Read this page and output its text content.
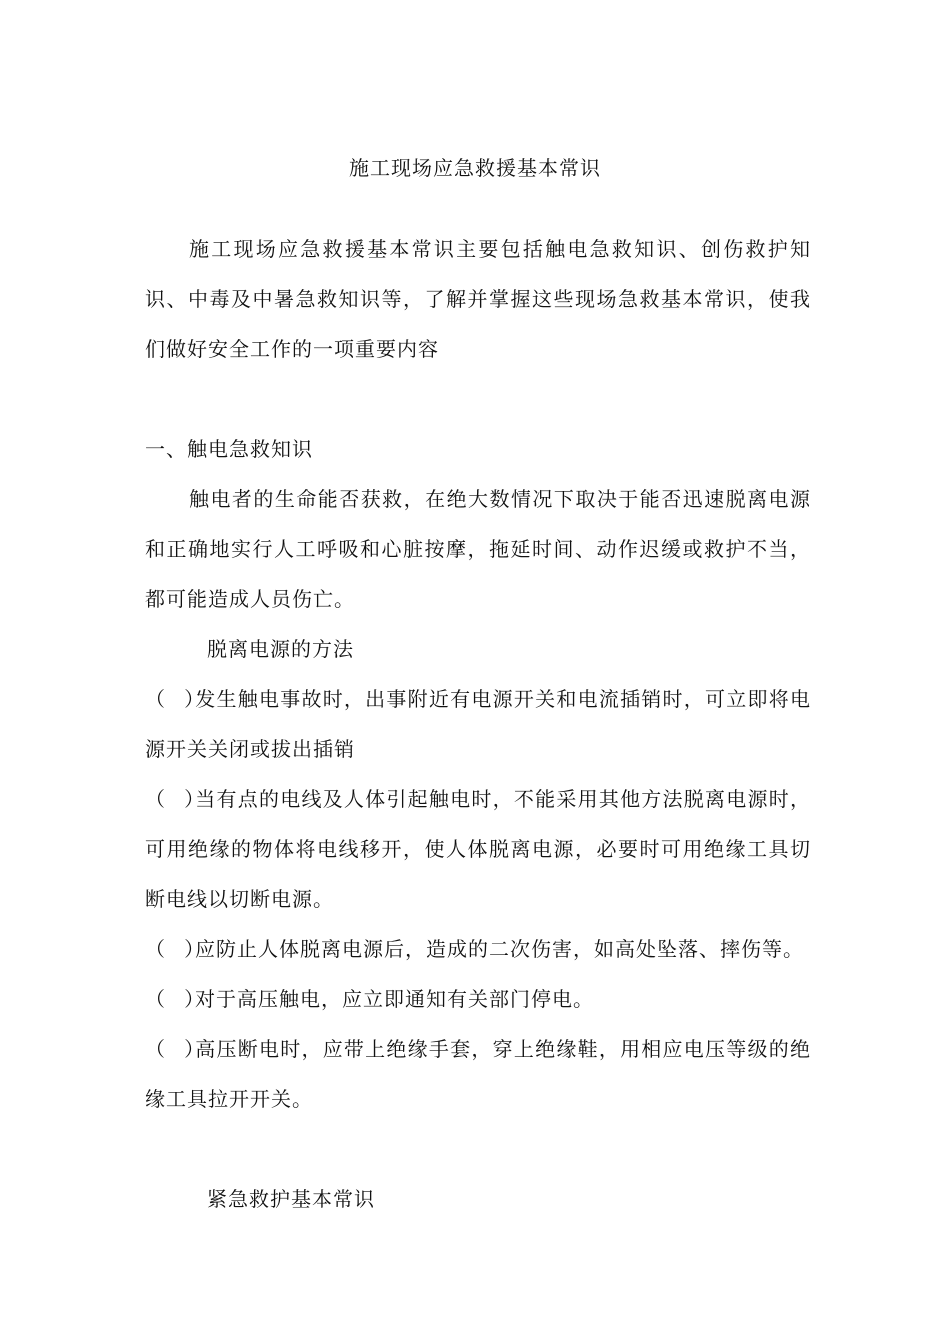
施工现场应急救援基本常识

施工现场应急救援基本常识主要包括触电急救知识、创伤救护知识、中毒及中暑急救知识等，了解并掌握这些现场急救基本常识，使我们做好安全工作的一项重要内容

一、触电急救知识

触电者的生命能否获救，在绝大数情况下取决于能否迅速脱离电源和正确地实行人工呼吸和心脏按摩，拖延时间、动作迟缓或救护不当，都可能造成人员伤亡。

脱离电源的方法

（   ）发生触电事故时，出事附近有电源开关和电流插销时，可立即将电源开关关闭或拔出插销

（   ）当有点的电线及人体引起触电时，不能采用其他方法脱离电源时，可用绝缘的物体将电线移开，使人体脱离电源，必要时可用绝缘工具切断电线以切断电源。

（   ）应防止人体脱离电源后，造成的二次伤害，如高处坠落、摔伤等。

（   ）对于高压触电，应立即通知有关部门停电。

（   ）高压断电时，应带上绝缘手套，穿上绝缘鞋，用相应电压等级的绝缘工具拉开开关。

紧急救护基本常识
